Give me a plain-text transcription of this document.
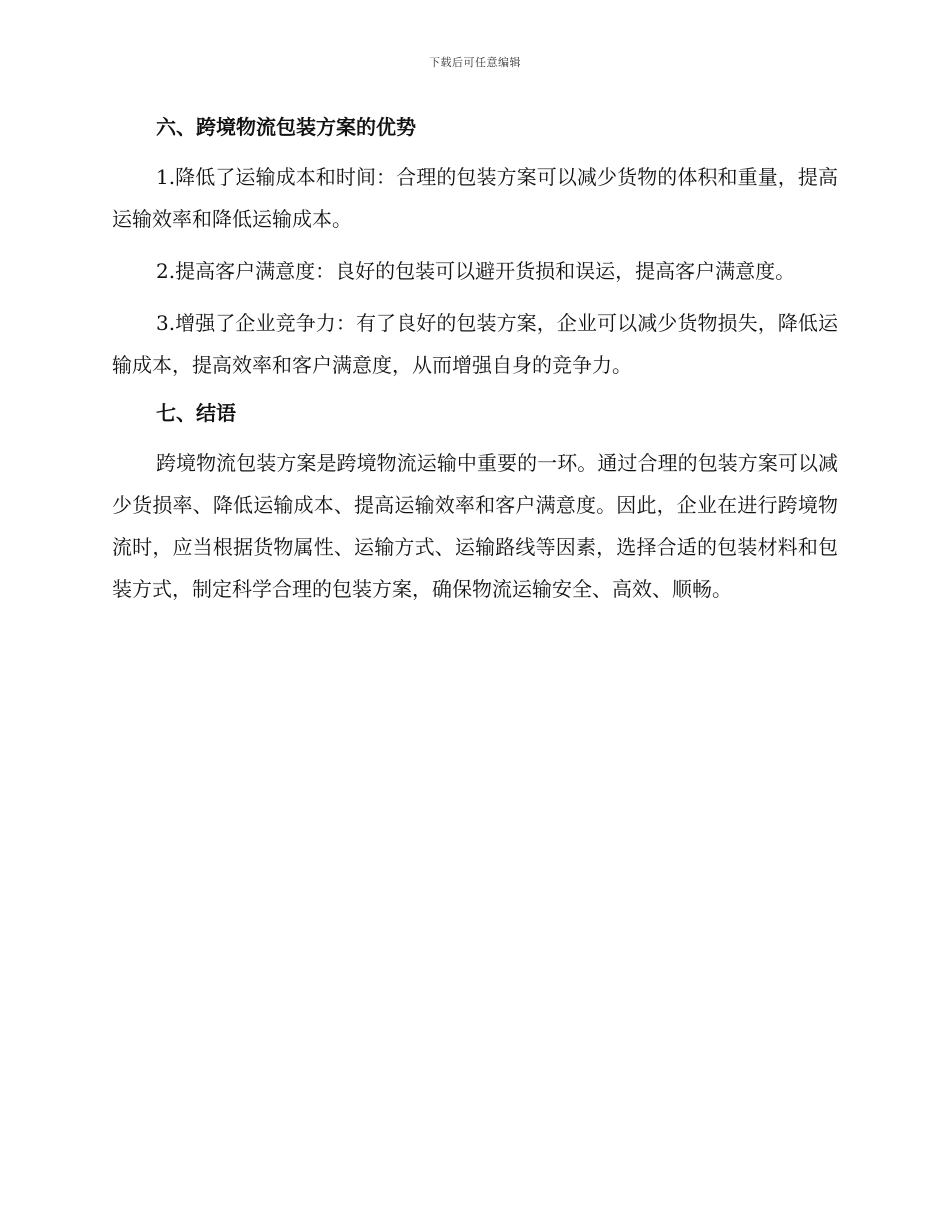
下载后可任意编辑
六、跨境物流包装方案的优势

1.降低了运输成本和时间：合理的包装方案可以减少货物的体积和重量，提高运输效率和降低运输成本。

2.提高客户满意度：良好的包装可以避开货损和误运，提高客户满意度。

3.增强了企业竞争力：有了良好的包装方案，企业可以减少货物损失，降低运输成本，提高效率和客户满意度，从而增强自身的竞争力。

七、结语

跨境物流包装方案是跨境物流运输中重要的一环。通过合理的包装方案可以减少货损率、降低运输成本、提高运输效率和客户满意度。因此，企业在进行跨境物流时，应当根据货物属性、运输方式、运输路线等因素，选择合适的包装材料和包装方式，制定科学合理的包装方案，确保物流运输安全、高效、顺畅。
